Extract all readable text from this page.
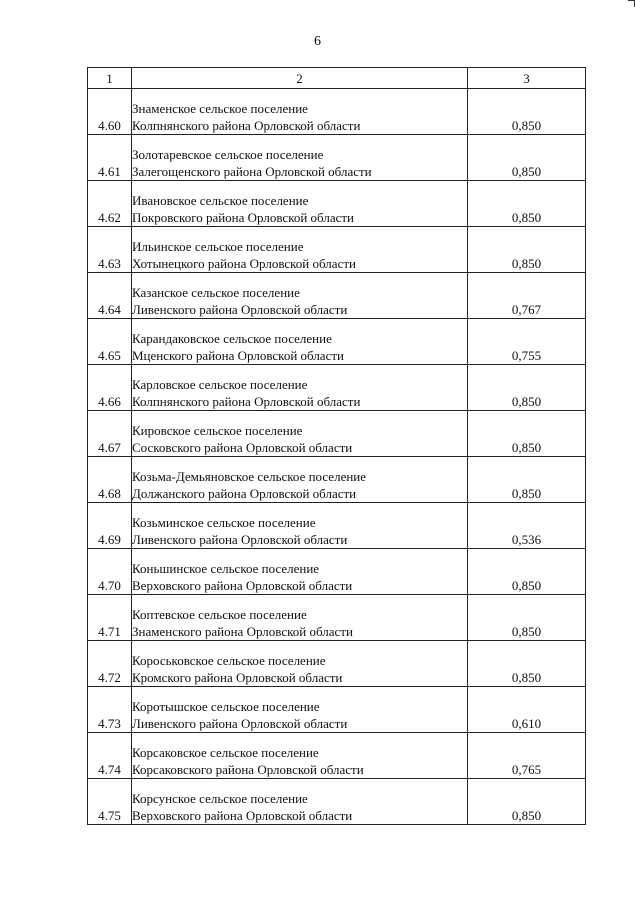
6
1	2	3
4.60	Знаменское сельское поселение
Колпнянского района Орловской области	0,850
4.61	Золотаревское сельское поселение
Залегощенского района Орловской области	0,850
4.62	Ивановское сельское поселение
Покровского района Орловской области	0,850
4.63	Ильинское сельское поселение
Хотынецкого района Орловской области	0,850
4.64	Казанское сельское поселение
Ливенского района Орловской области	0,767
4.65	Карандаковское сельское поселение
Мценского района Орловской области	0,755
4.66	Карловское сельское поселение
Колпнянского района Орловской области	0,850
4.67	Кировское сельское поселение
Сосковского района Орловской области	0,850
4.68	Козьма-Демьяновское сельское поселение
Должанского района Орловской области	0,850
4.69	Козьминское сельское поселение
Ливенского района Орловской области	0,536
4.70	Коньшинское сельское поселение
Верховского района Орловской области	0,850
4.71	Коптевское сельское поселение
Знаменского района Орловской области	0,850
4.72	Короськовское сельское поселение
Кромского района Орловской области	0,850
4.73	Коротышское сельское поселение
Ливенского района Орловской области	0,610
4.74	Корсаковское сельское поселение
Корсаковского района Орловской области	0,765
4.75	Корсунское сельское поселение
Верховского района Орловской области	0,850
